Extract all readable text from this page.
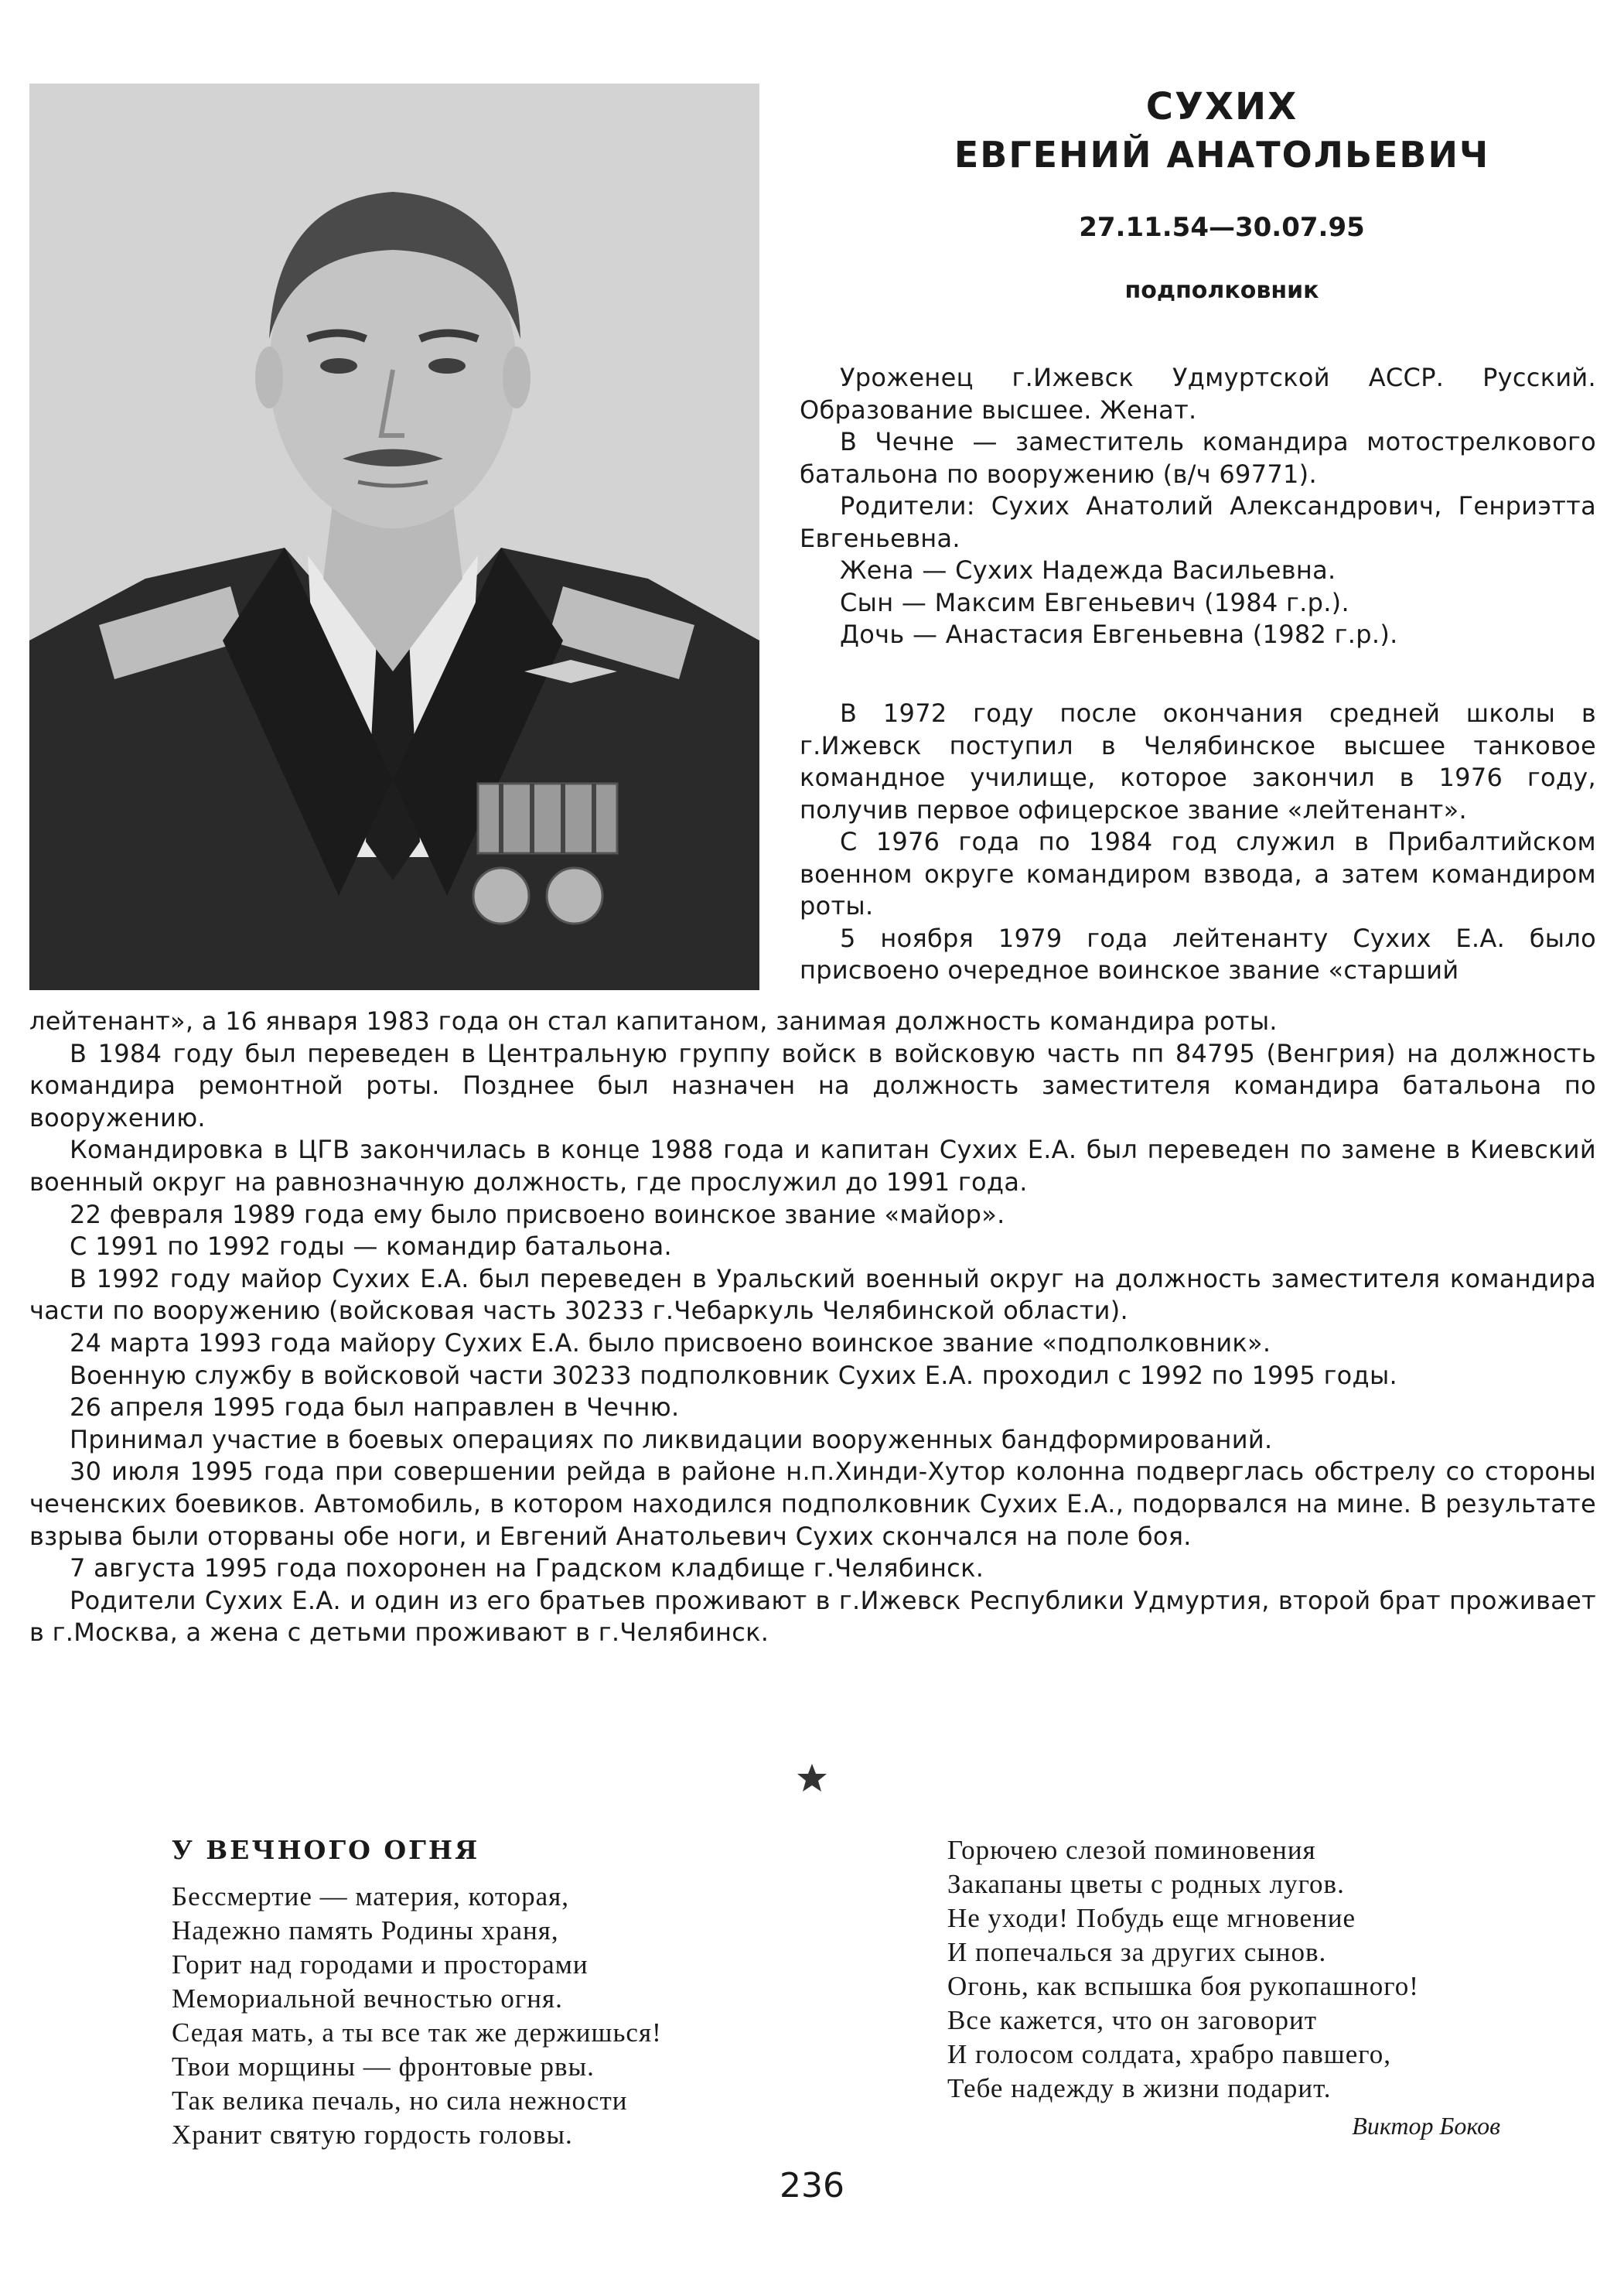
СУХИХ
ЕВГЕНИЙ АНАТОЛЬЕВИЧ
27.11.54—30.07.95
подполковник

Уроженец г.Ижевск Удмуртской АССР. Русский. Образование высшее. Женат.

В Чечне — заместитель командира мотострелкового батальона по вооружению (в/ч 69771).

Родители: Сухих Анатолий Александрович, Генриэтта Евгеньевна.

Жена — Сухих Надежда Васильевна.

Сын — Максим Евгеньевич (1984 г.р.).

Дочь — Анастасия Евгеньевна (1982 г.р.).

В 1972 году после окончания средней школы в г.Ижевск поступил в Челябинское высшее танковое командное училище, которое закончил в 1976 году, получив первое офицерское звание «лейтенант».

С 1976 года по 1984 год служил в Прибалтийском военном округе командиром взвода, а затем командиром роты.

5 ноября 1979 года лейтенанту Сухих Е.А. было присвоено очередное воинское звание «старший

лейтенант», а 16 января 1983 года он стал капитаном, занимая должность командира роты.

В 1984 году был переведен в Центральную группу войск в войсковую часть пп 84795 (Венгрия) на должность командира ремонтной роты. Позднее был назначен на должность заместителя командира батальона по вооружению.

Командировка в ЦГВ закончилась в конце 1988 года и капитан Сухих Е.А. был переведен по замене в Киевский военный округ на равнозначную должность, где прослужил до 1991 года.

22 февраля 1989 года ему было присвоено воинское звание «майор».

С 1991 по 1992 годы — командир батальона.

В 1992 году майор Сухих Е.А. был переведен в Уральский военный округ на должность заместителя командира части по вооружению (войсковая часть 30233 г.Чебаркуль Челябинской области).

24 марта 1993 года майору Сухих Е.А. было присвоено воинское звание «подполковник».

Военную службу в войсковой части 30233 подполковник Сухих Е.А. проходил с 1992 по 1995 годы.

26 апреля 1995 года был направлен в Чечню.

Принимал участие в боевых операциях по ликвидации вооруженных бандформирований.

30 июля 1995 года при совершении рейда в районе н.п.Хинди-Хутор колонна подверглась обстрелу со стороны чеченских боевиков. Автомобиль, в котором находился подполковник Сухих Е.А., подорвался на мине. В результате взрыва были оторваны обе ноги, и Евгений Анатольевич Сухих скончался на поле боя.

7 августа 1995 года похоронен на Градском кладбище г.Челябинск.

Родители Сухих Е.А. и один из его братьев проживают в г.Ижевск Республики Удмуртия, второй брат проживает в г.Москва, а жена с детьми проживают в г.Челябинск.

У ВЕЧНОГО ОГНЯ
Бессмертие — материя, которая,
Надежно память Родины храня,
Горит над городами и просторами
Мемориальной вечностью огня.
Седая мать, а ты все так же держишься!
Твои морщины — фронтовые рвы.
Так велика печаль, но сила нежности
Хранит святую гордость головы.
Горючею слезой поминовения
Закапаны цветы с родных лугов.
Не уходи! Побудь еще мгновение
И попечалься за других сынов.
Огонь, как вспышка боя рукопашного!
Все кажется, что он заговорит
И голосом солдата, храбро павшего,
Тебе надежду в жизни подарит.
Виктор Боков
236
